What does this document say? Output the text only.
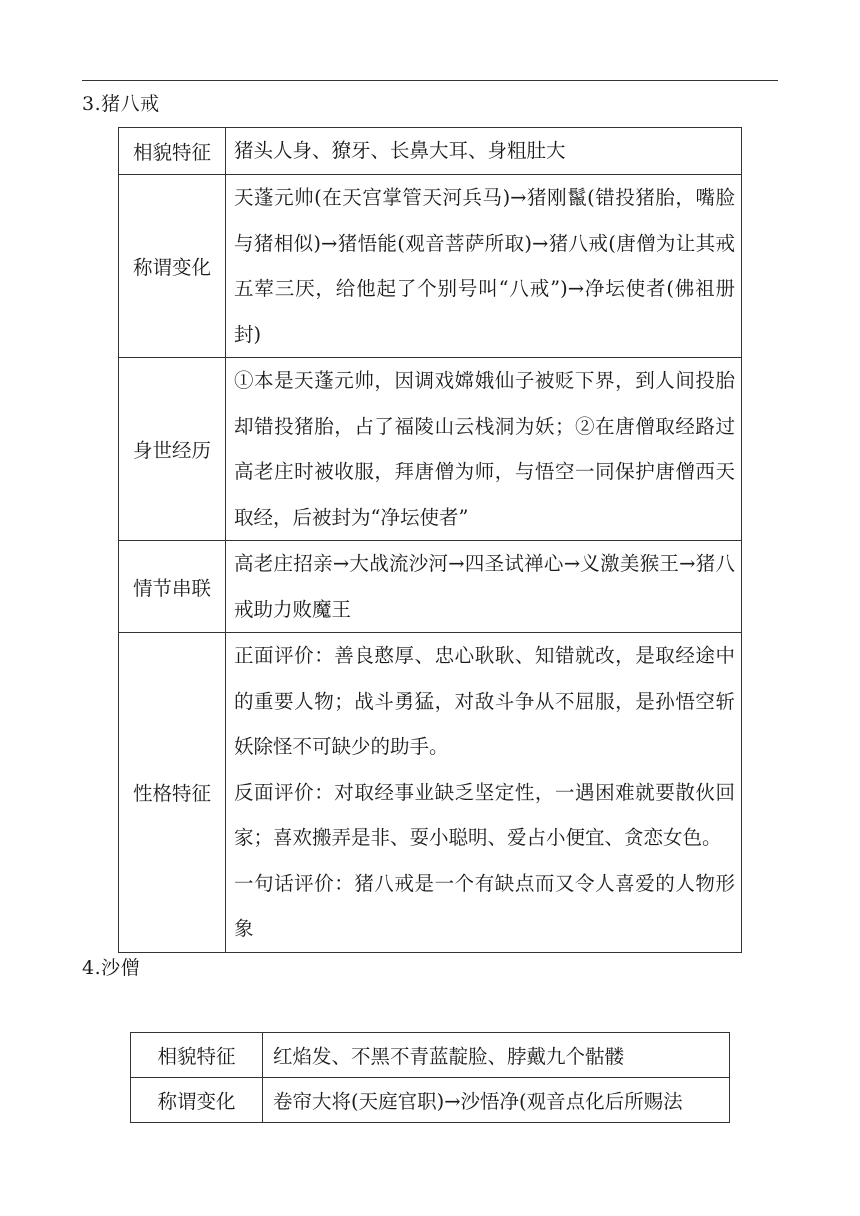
3.猪八戒
相貌特征	猪头人身、獠牙、长鼻大耳、身粗肚大

称谓变化	天蓬元帅(在天宫掌管天河兵马)→猪刚鬣(错投猪胎，嘴脸与猪相似)→猪悟能(观音菩萨所取)→猪八戒(唐僧为让其戒五荤三厌，给他起了个别号叫“八戒”)→净坛使者(佛祖册封)

身世经历	①本是天蓬元帅，因调戏嫦娥仙子被贬下界，到人间投胎却错投猪胎，占了福陵山云栈洞为妖；②在唐僧取经路过高老庄时被收服，拜唐僧为师，与悟空一同保护唐僧西天取经，后被封为“净坛使者”

情节串联	高老庄招亲→大战流沙河→四圣试禅心→义激美猴王→猪八戒助力败魔王

性格特征	正面评价：善良憨厚、忠心耿耿、知错就改，是取经途中的重要人物；战斗勇猛，对敌斗争从不屈服，是孙悟空斩妖除怪不可缺少的助手。

反面评价：对取经事业缺乏坚定性，一遇困难就要散伙回家；喜欢搬弄是非、耍小聪明、爱占小便宜、贪恋女色。

一句话评价：猪八戒是一个有缺点而又令人喜爱的人物形象

4.沙僧
相貌特征	红焰发、不黑不青蓝靛脸、脖戴九个骷髅
称谓变化	卷帘大将(天庭官职)→沙悟净(观音点化后所赐法
